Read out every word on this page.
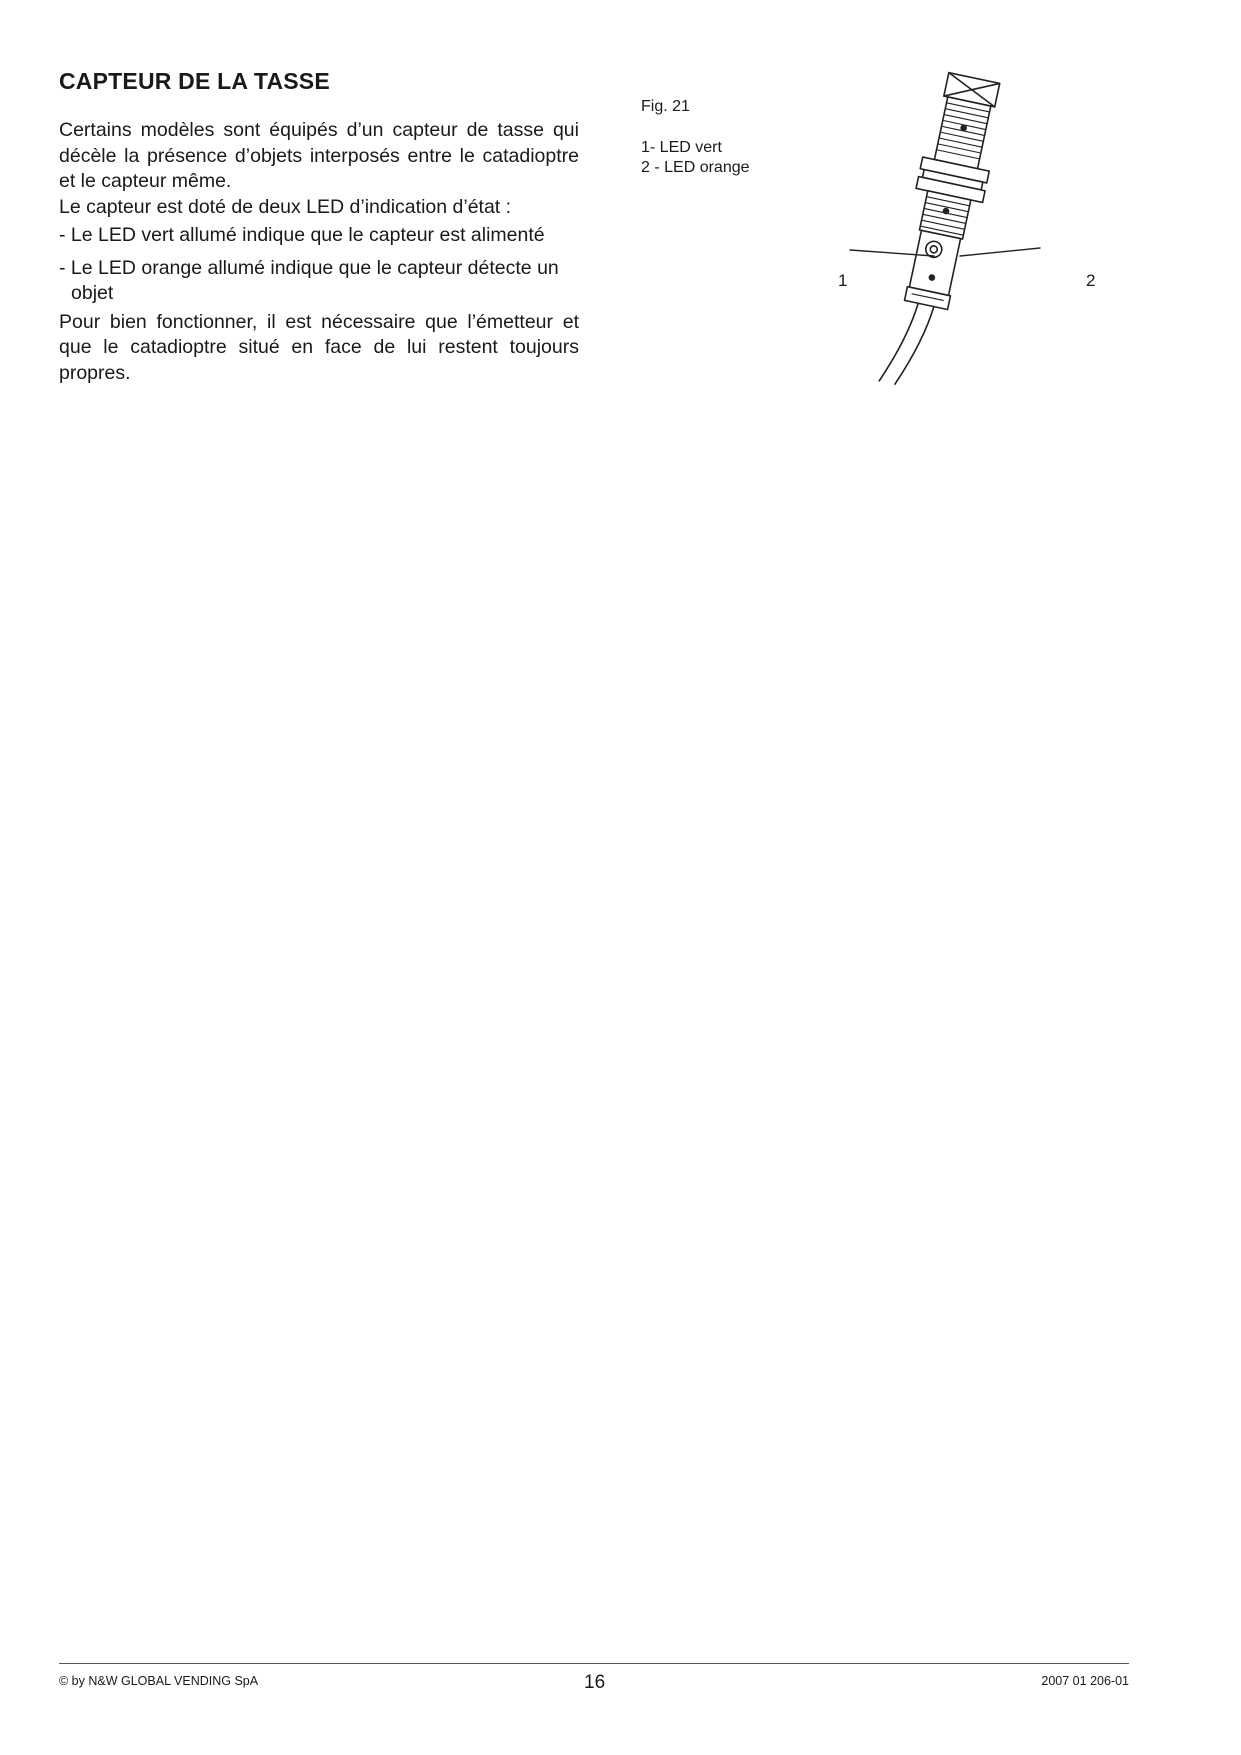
CAPTEUR DE LA TASSE

Certains modèles sont équipés d’un capteur de tasse qui décèle la présence d’objets interposés entre le catadioptre et le capteur même.

Le capteur est doté de deux LED d’indication d’état :

- Le LED vert allumé indique que le capteur est alimenté

- Le LED orange allumé indique que le capteur détecte un objet

Pour bien fonctionner, il est nécessaire que l’émetteur et que le catadioptre situé en face de lui restent toujours propres.

Fig. 21
1- LED vert
2 - LED orange
1	2
© by N&W GLOBAL VENDING SpA	16	2007 01 206-01
